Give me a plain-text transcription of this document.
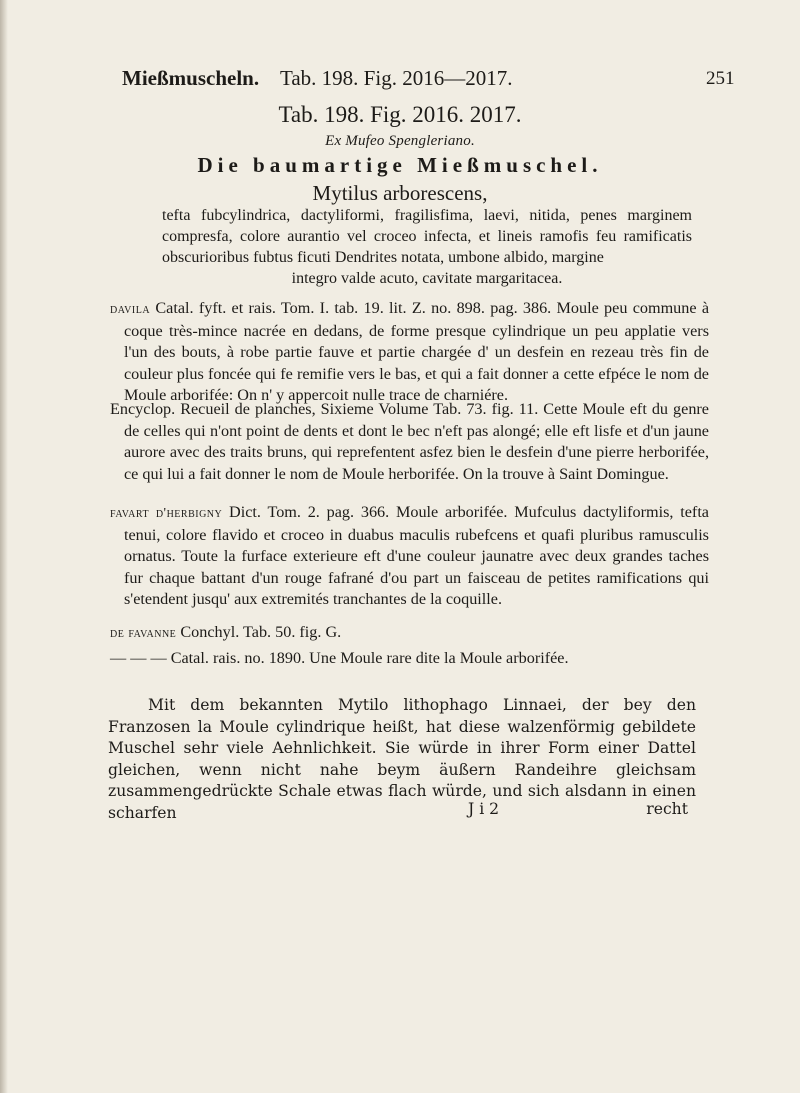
Mießmuscheln. Tab. 198. Fig. 2016—2017.	251
Tab. 198. Fig. 2016. 2017.
Ex Mufeo Spengleriano.
Die baumartige Mießmuschel.
Mytilus arborescens,
tefta fubcylindrica, dactyliformi, fragilisfima, laevi, nitida, penes marginem compresfa, colore aurantio vel croceo infecta, et lineis ramofis feu ramificatis obscurioribus fubtus ficuti Dendrites notata, umbone albido, margine
integro valde acuto, cavitate margaritacea.
davila Catal. fyft. et rais. Tom. I. tab. 19. lit. Z. no. 898. pag. 386. Moule peu commune à coque très-mince nacrée en dedans, de forme presque cylindrique un peu applatie vers l'un des bouts, à robe partie fauve et partie chargée d' un desfein en rezeau très fin de couleur plus foncée qui fe remifie vers le bas, et qui a fait donner a cette efpéce le nom de Moule arborifée: On n' y appercoit nulle trace de charniére.
Encyclop. Recueil de planches, Sixieme Volume Tab. 73. fig. 11. Cette Moule eft du genre de celles qui n'ont point de dents et dont le bec n'eft pas alongé; elle eft lisfe et d'un jaune aurore avec des traits bruns, qui reprefentent asfez bien le desfein d'une pierre herborifée, ce qui lui a fait donner le nom de Moule herborifée. On la trouve à Saint Domingue.
favart d'herbigny Dict. Tom. 2. pag. 366. Moule arborifée. Mufculus dactyliformis, tefta tenui, colore flavido et croceo in duabus maculis rubefcens et quafi pluribus ramusculis ornatus. Toute la furface exterieure eft d'une couleur jaunatre avec deux grandes taches fur chaque battant d'un rouge fafrané d'ou part un faisceau de petites ramifications qui s'etendent jusqu' aux extremités tranchantes de la coquille.
de favanne Conchyl. Tab. 50. fig. G.
— — — Catal. rais. no. 1890. Une Moule rare dite la Moule arborifée.
Mit dem bekannten Mytilo lithophago Linnaei, der bey den Franzosen la Moule cylindrique heißt, hat diese walzenförmig gebildete Muschel sehr viele Aehnlichkeit. Sie würde in ihrer Form einer Dattel gleichen, wenn nicht nahe beym äußern Randeihre gleichsam zusammengedrückte Schale etwas flach würde, und sich alsdann in einen scharfen	J i 2	recht
